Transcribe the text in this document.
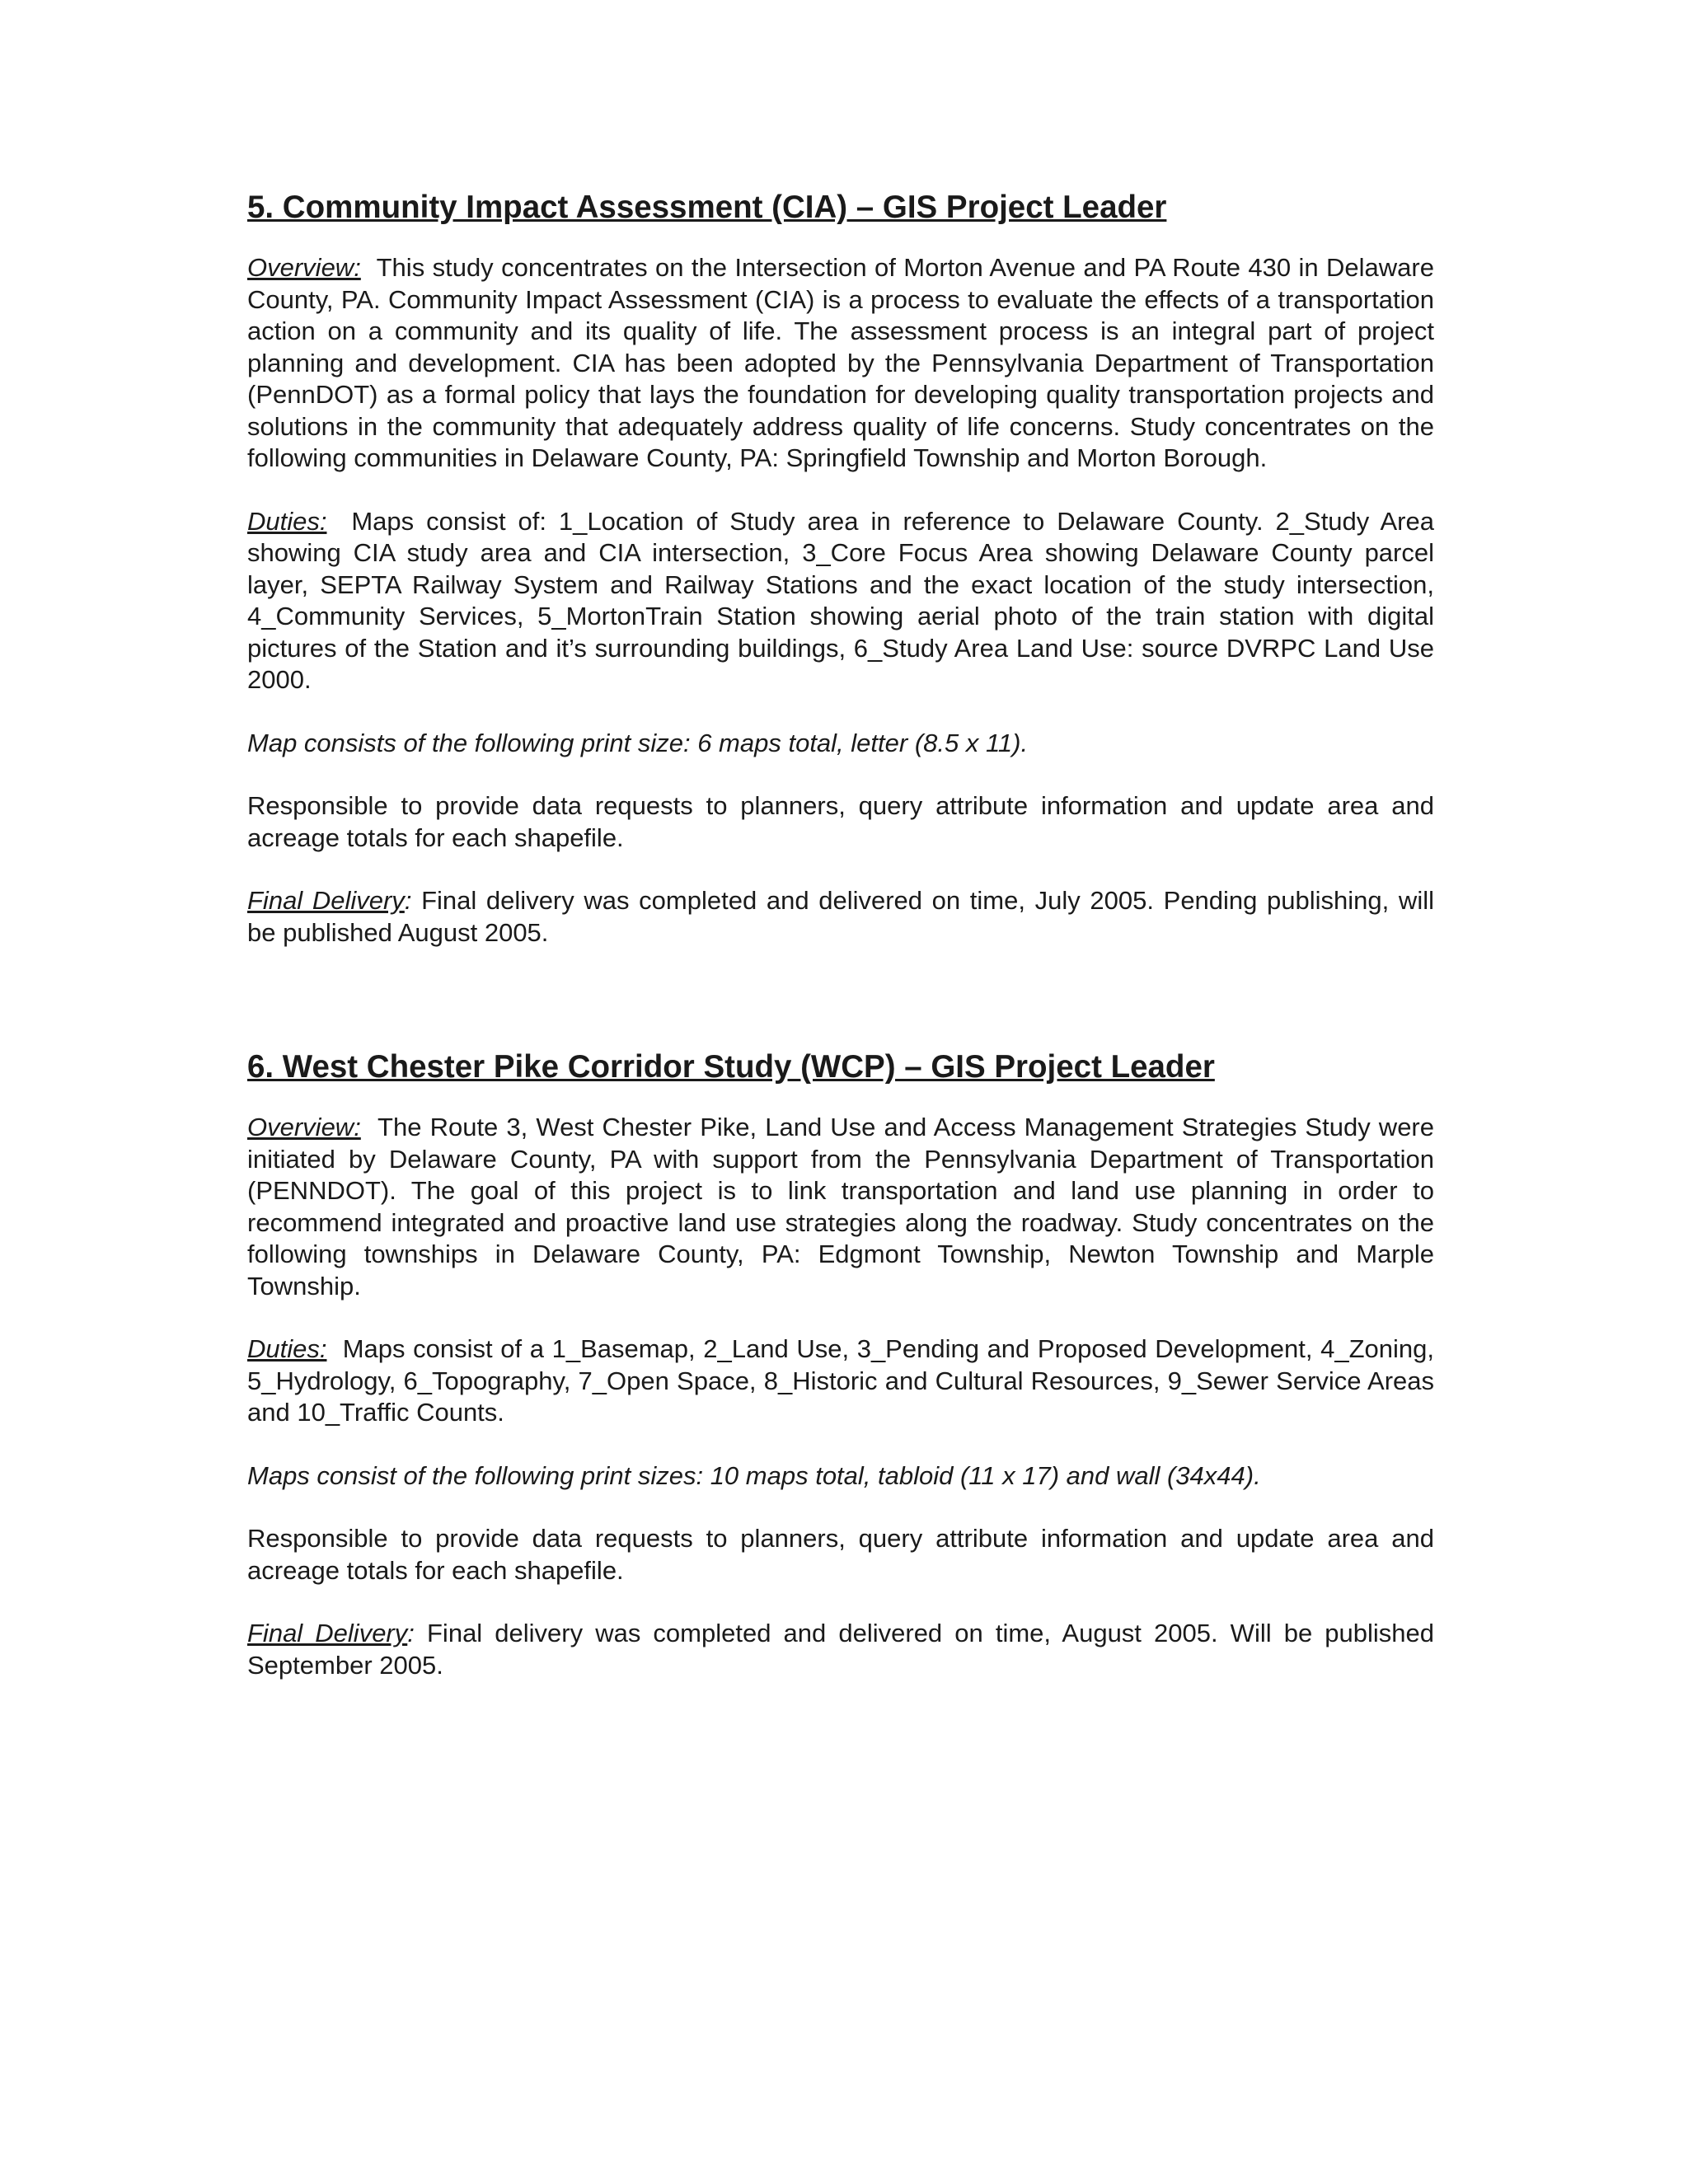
5. Community Impact Assessment (CIA) – GIS Project Leader

Overview: This study concentrates on the Intersection of Morton Avenue and PA Route 430 in Delaware County, PA. Community Impact Assessment (CIA) is a process to evaluate the effects of a transportation action on a community and its quality of life. The assessment process is an integral part of project planning and development. CIA has been adopted by the Pennsylvania Department of Transportation (PennDOT) as a formal policy that lays the foundation for developing quality transportation projects and solutions in the community that adequately address quality of life concerns. Study concentrates on the following communities in Delaware County, PA: Springfield Township and Morton Borough.

Duties: Maps consist of: 1_Location of Study area in reference to Delaware County. 2_Study Area showing CIA study area and CIA intersection, 3_Core Focus Area showing Delaware County parcel layer, SEPTA Railway System and Railway Stations and the exact location of the study intersection, 4_Community Services, 5_MortonTrain Station showing aerial photo of the train station with digital pictures of the Station and it’s surrounding buildings, 6_Study Area Land Use: source DVRPC Land Use 2000.

Map consists of the following print size: 6 maps total, letter (8.5 x 11).

Responsible to provide data requests to planners, query attribute information and update area and acreage totals for each shapefile.

Final Delivery: Final delivery was completed and delivered on time, July 2005. Pending publishing, will be published August 2005.

6. West Chester Pike Corridor Study (WCP) – GIS Project Leader

Overview: The Route 3, West Chester Pike, Land Use and Access Management Strategies Study were initiated by Delaware County, PA with support from the Pennsylvania Department of Transportation (PENNDOT). The goal of this project is to link transportation and land use planning in order to recommend integrated and proactive land use strategies along the roadway. Study concentrates on the following townships in Delaware County, PA: Edgmont Township, Newton Township and Marple Township.

Duties: Maps consist of a 1_Basemap, 2_Land Use, 3_Pending and Proposed Development, 4_Zoning, 5_Hydrology, 6_Topography, 7_Open Space, 8_Historic and Cultural Resources, 9_Sewer Service Areas and 10_Traffic Counts.

Maps consist of the following print sizes: 10 maps total, tabloid (11 x 17) and wall (34x44).

Responsible to provide data requests to planners, query attribute information and update area and acreage totals for each shapefile.

Final Delivery: Final delivery was completed and delivered on time, August 2005. Will be published September 2005.
